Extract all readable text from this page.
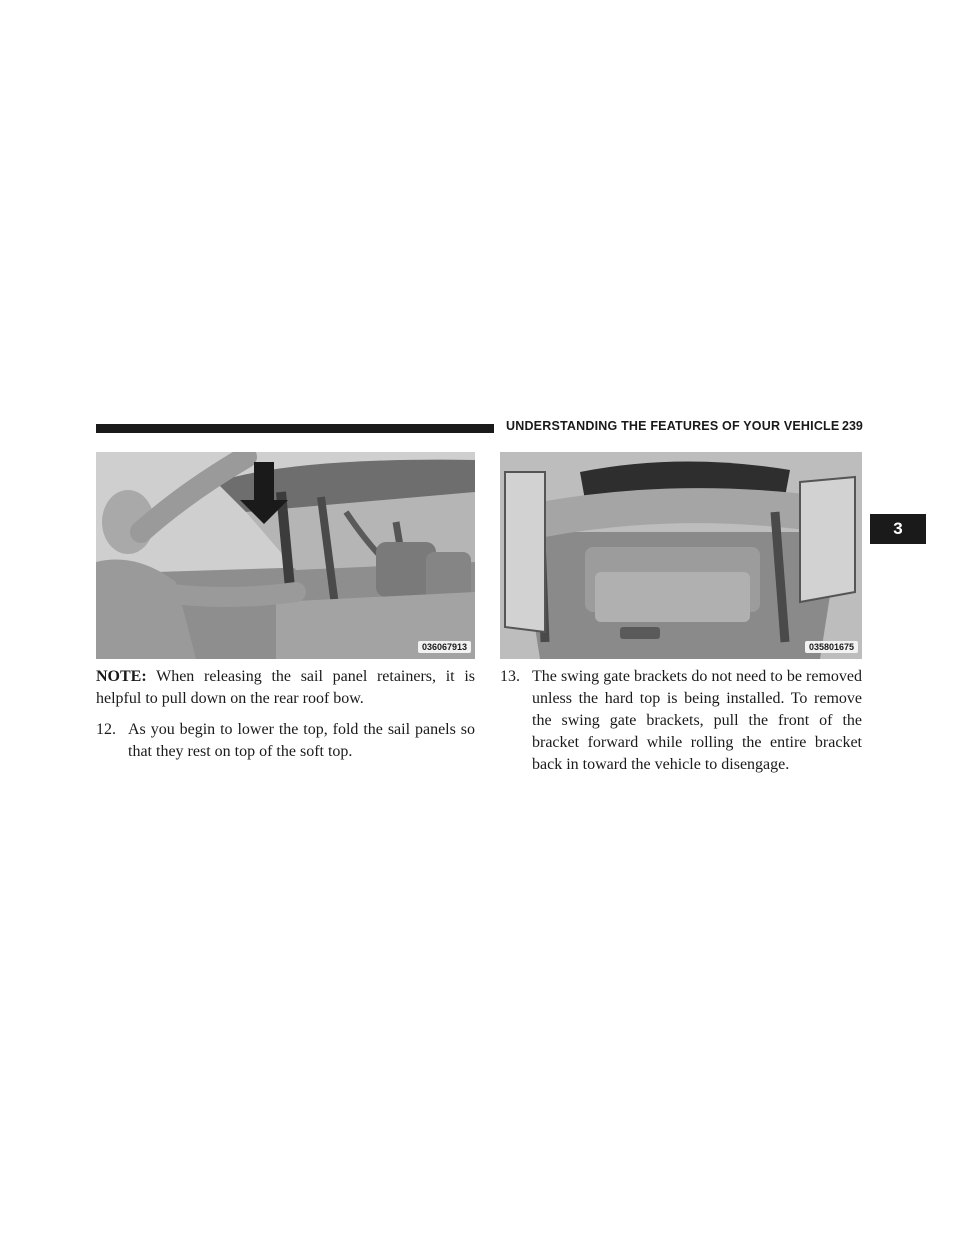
UNDERSTANDING THE FEATURES OF YOUR VEHICLE 239
3
036067913	035801675

NOTE: When releasing the sail panel retainers, it is helpful to pull down on the rear roof bow.

12. As you begin to lower the top, fold the sail panels so that they rest on top of the soft top.
13. The swing gate brackets do not need to be removed unless the hard top is being installed. To remove the swing gate brackets, pull the front of the bracket forward while rolling the entire bracket back in toward the vehicle to disengage.
